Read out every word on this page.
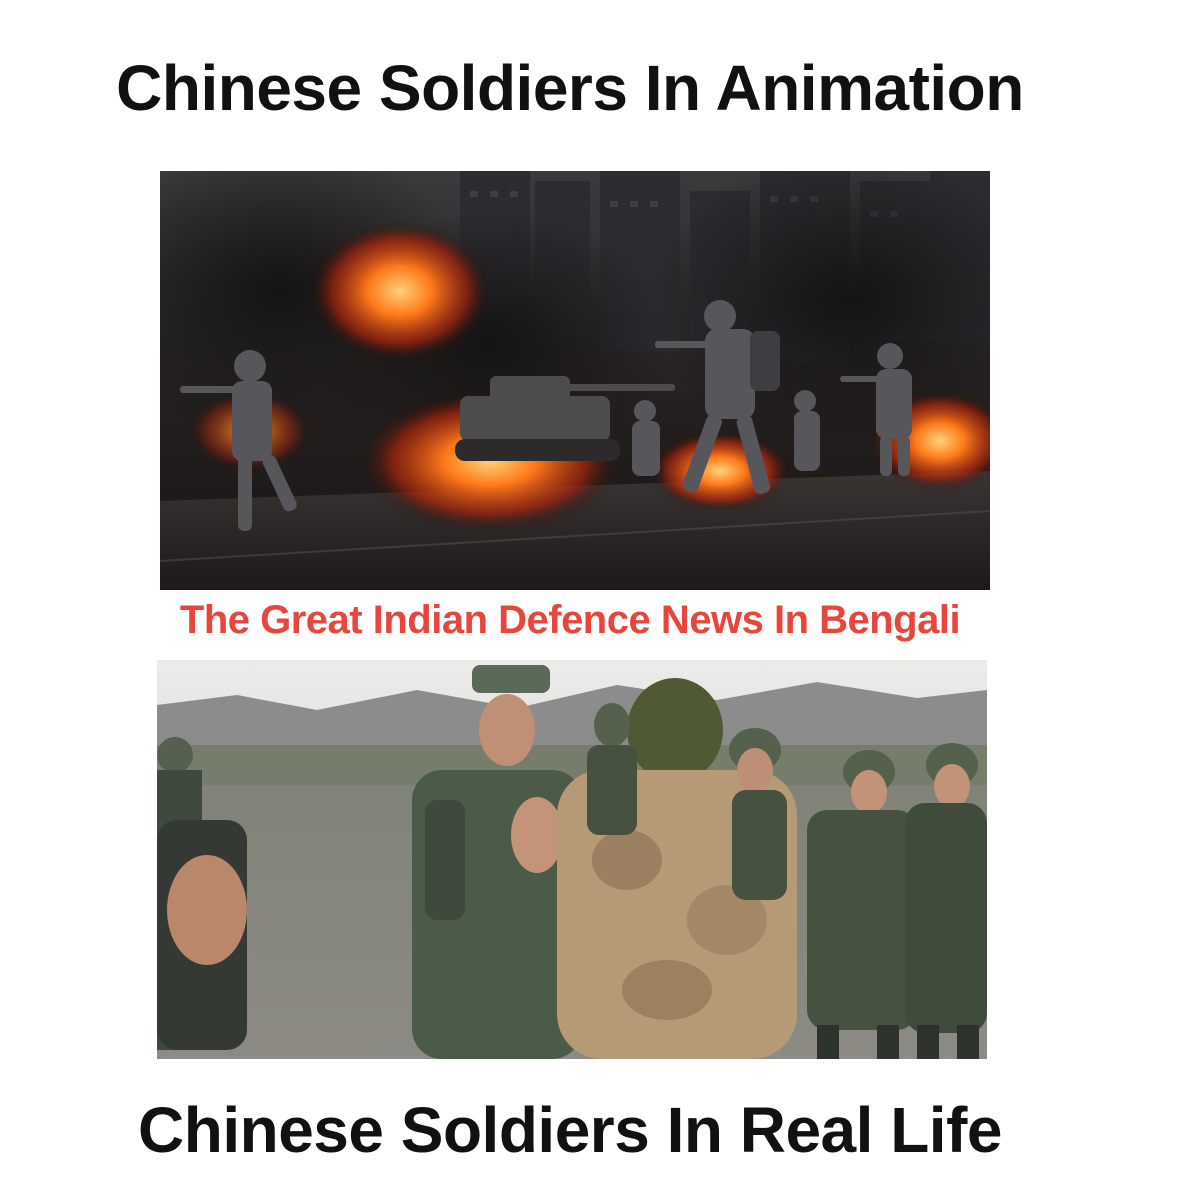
Chinese Soldiers In Animation
The Great Indian Defence News In Bengali
Chinese Soldiers In Real Life
